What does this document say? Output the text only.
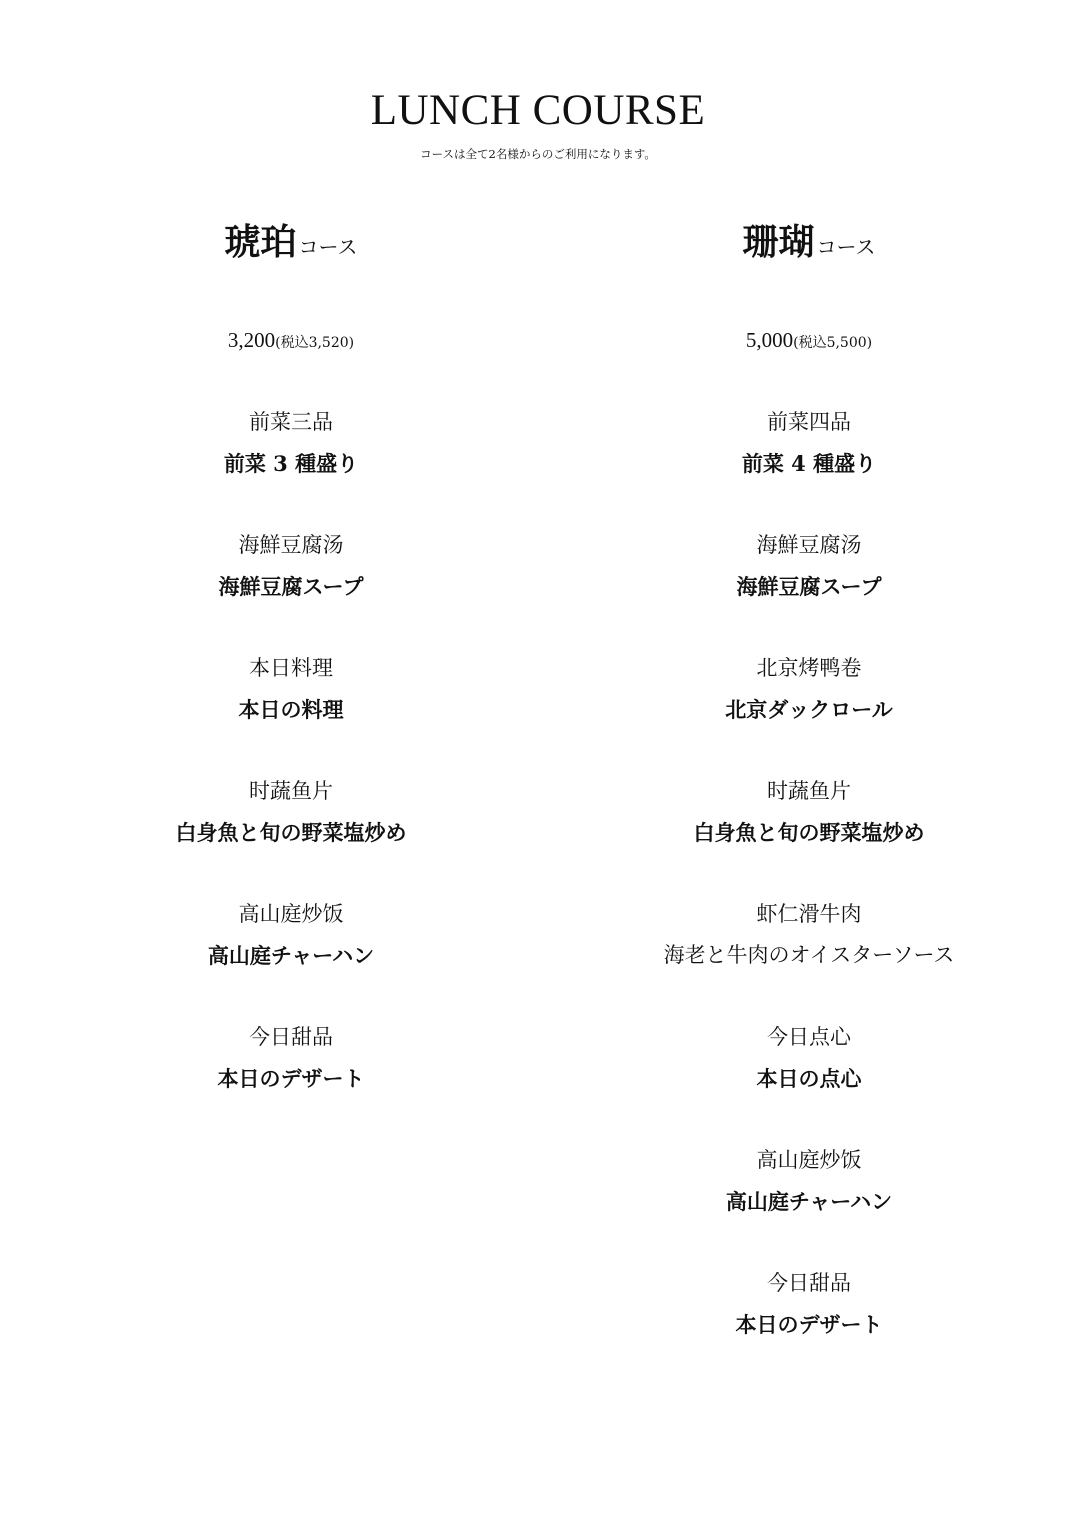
LUNCH COURSE
コースは全て2名様からのご利用になります。
琥珀 コース
3,200(税込3,520)
前菜三品
前菜 3 種盛り
海鮮豆腐汤
海鮮豆腐スープ
本日料理
本日の料理
时蔬鱼片
白身魚と旬の野菜塩炒め
高山庭炒饭
高山庭チャーハン
今日甜品
本日のデザート
珊瑚 コース
5,000(税込5,500)
前菜四品
前菜 4 種盛り
海鮮豆腐汤
海鮮豆腐スープ
北京烤鸭卷
北京ダックロール
时蔬鱼片
白身魚と旬の野菜塩炒め
虾仁滑牛肉
海老と牛肉のオイスターソース
今日点心
本日の点心
高山庭炒饭
高山庭チャーハン
今日甜品
本日のデザート
